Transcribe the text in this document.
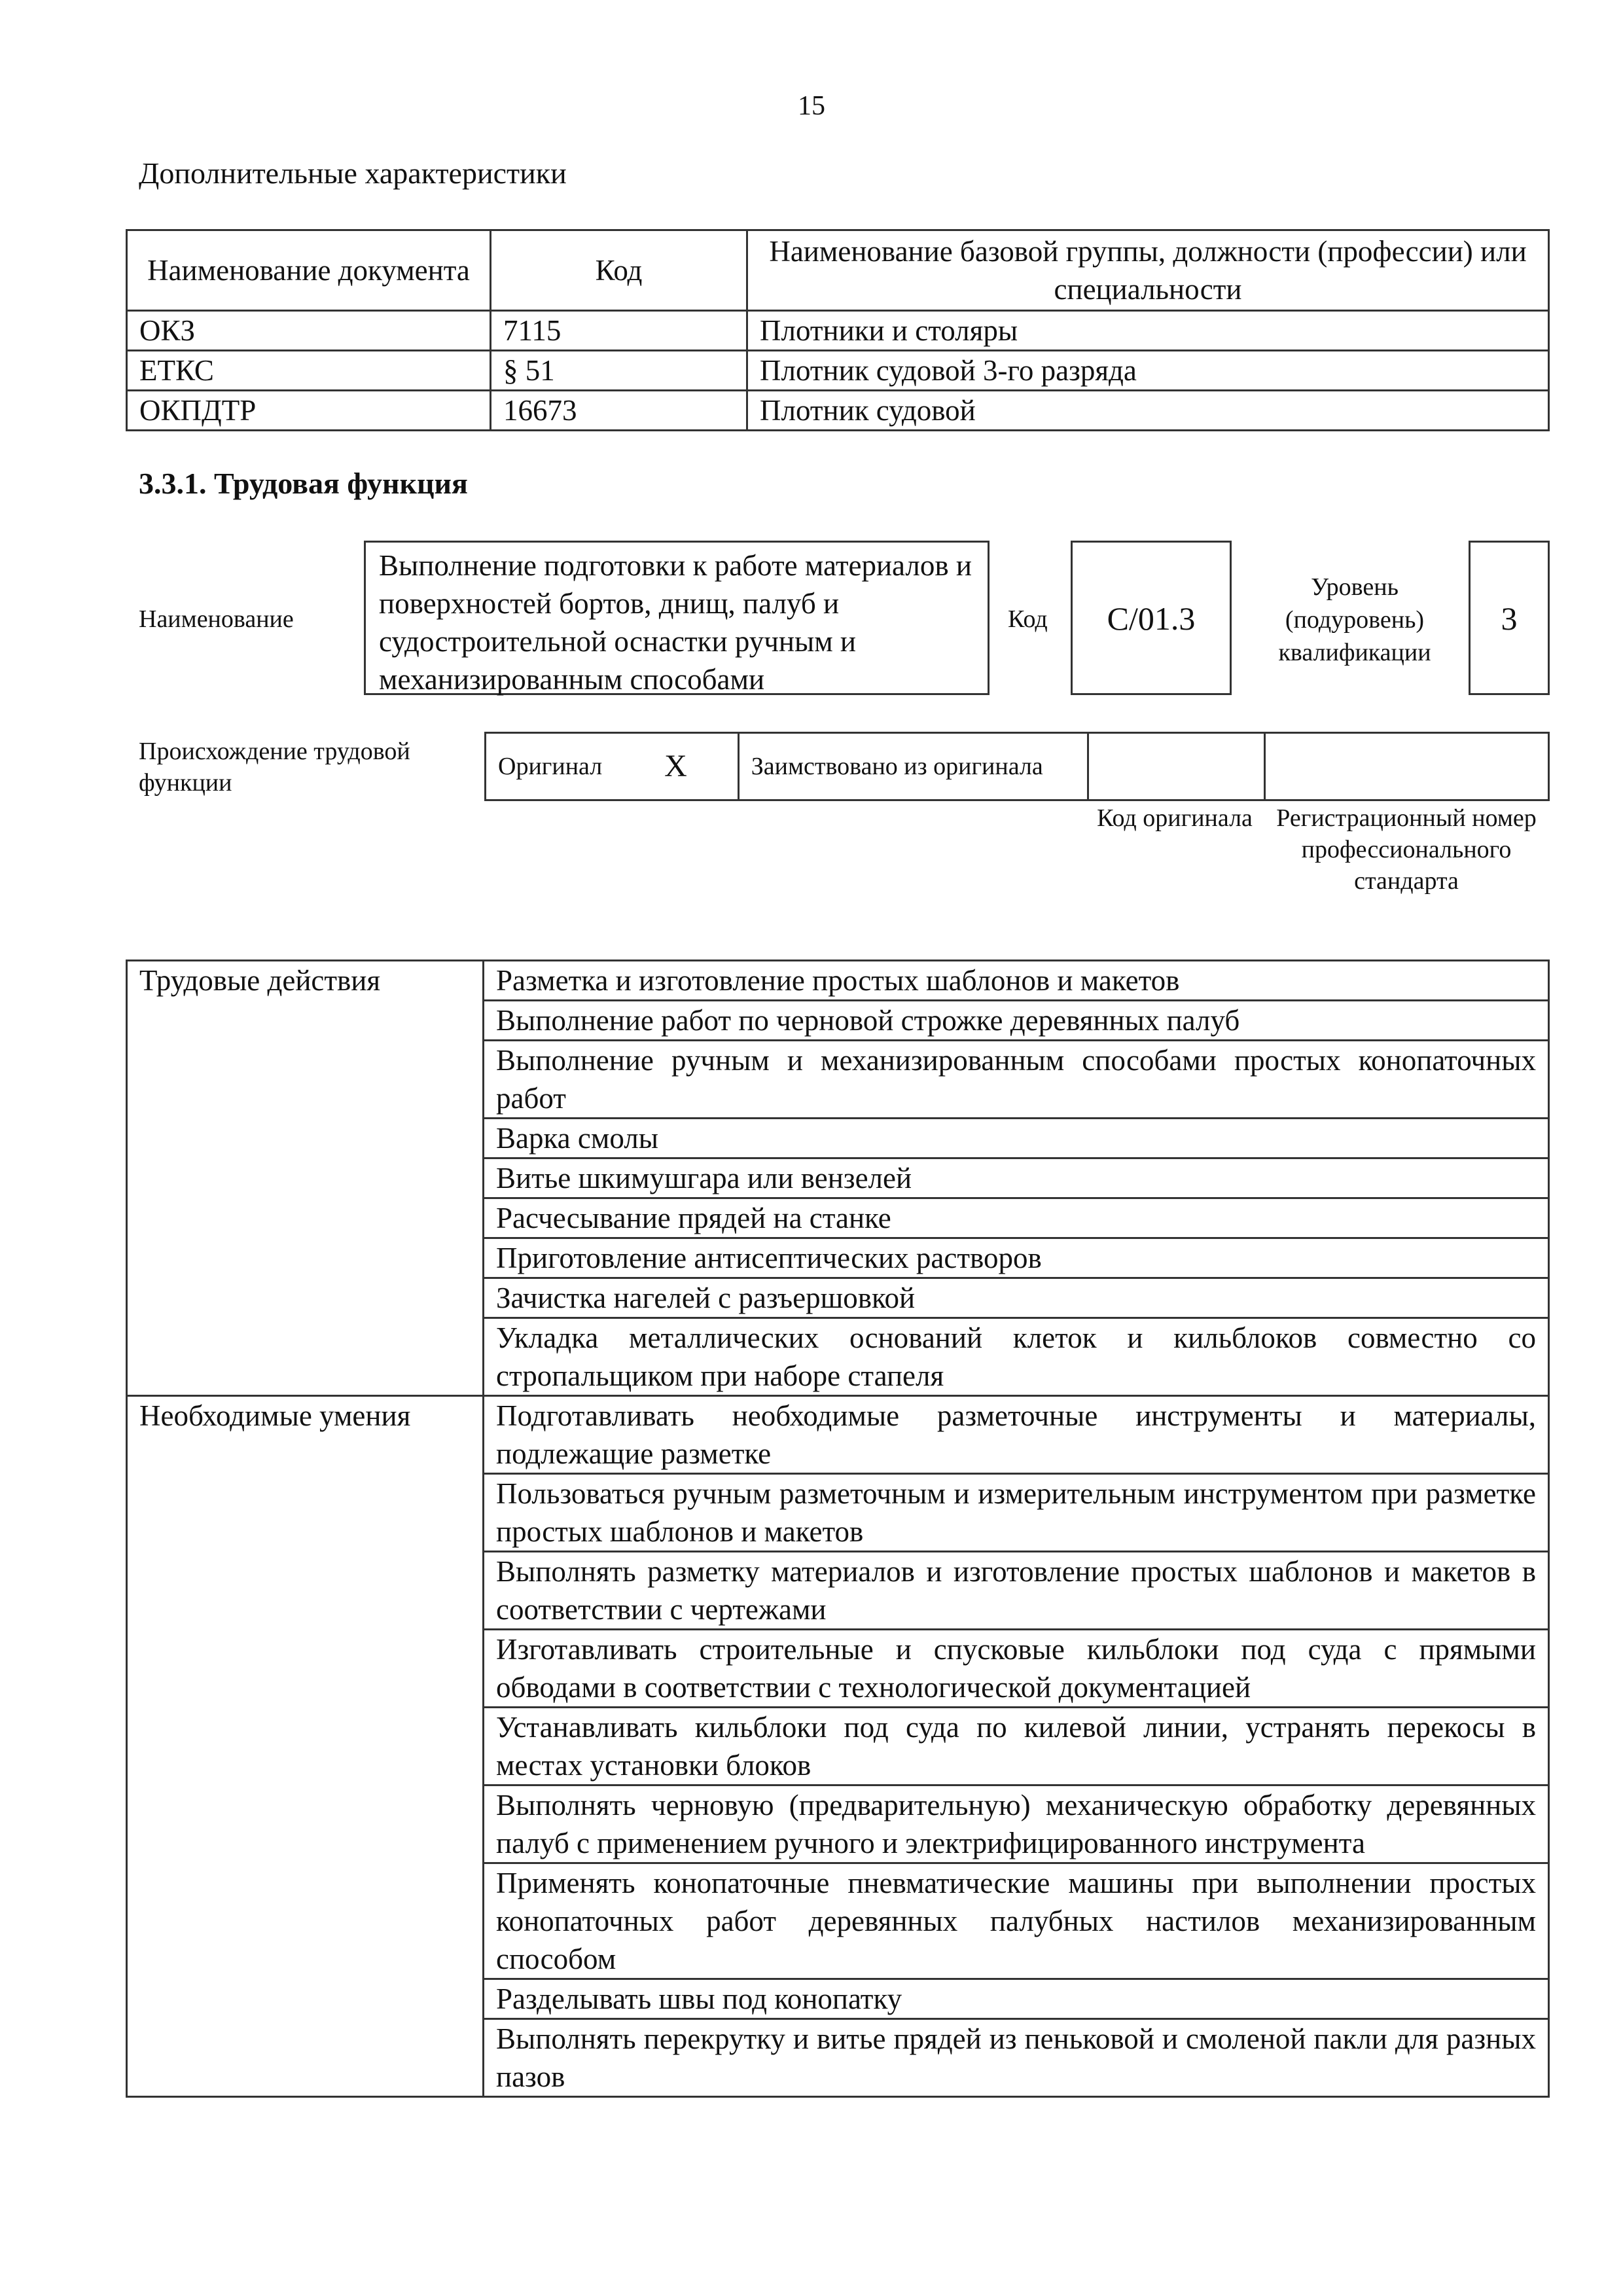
15
Дополнительные характеристики
Наименование документа	Код	Наименование базовой группы, должности (профессии) или специальности
ОКЗ	7115	Плотники и столяры
ЕТКС	§ 51	Плотник судовой 3-го разряда
ОКПДТР	16673	Плотник судовой
3.3.1. Трудовая функция
Наименование
Выполнение подготовки к работе материалов и поверхностей бортов, днищ, палуб и судостроительной оснастки ручным и механизированным способами
Код	C/01.3
Уровень (подуровень) квалификации
3
Происхождение трудовой функции
Оригинал	X	Заимствовано из оригинала		
Код оригинала Регистрационный номер профессионального стандарта
Трудовые действия	Разметка и изготовление простых шаблонов и макетов
	Выполнение работ по черновой строжке деревянных палуб
	Выполнение ручным и механизированным способами простых конопаточных работ
	Варка смолы
	Витье шкимушгара или вензелей
	Расчесывание прядей на станке
	Приготовление антисептических растворов
	Зачистка нагелей с разъершовкой
	Укладка металлических оснований клеток и кильблоков совместно со стропальщиком при наборе стапеля
Необходимые умения	Подготавливать необходимые разметочные инструменты и материалы, подлежащие разметке
	Пользоваться ручным разметочным и измерительным инструментом при разметке простых шаблонов и макетов
	Выполнять разметку материалов и изготовление простых шаблонов и макетов в соответствии с чертежами
	Изготавливать строительные и спусковые кильблоки под суда с прямыми обводами в соответствии с технологической документацией
	Устанавливать кильблоки под суда по килевой линии, устранять перекосы в местах установки блоков
	Выполнять черновую (предварительную) механическую обработку деревянных палуб с применением ручного и электрифицированного инструмента
	Применять конопаточные пневматические машины при выполнении простых конопаточных работ деревянных палубных настилов механизированным способом
	Разделывать швы под конопатку
	Выполнять перекрутку и витье прядей из пеньковой и смоленой пакли для разных пазов
